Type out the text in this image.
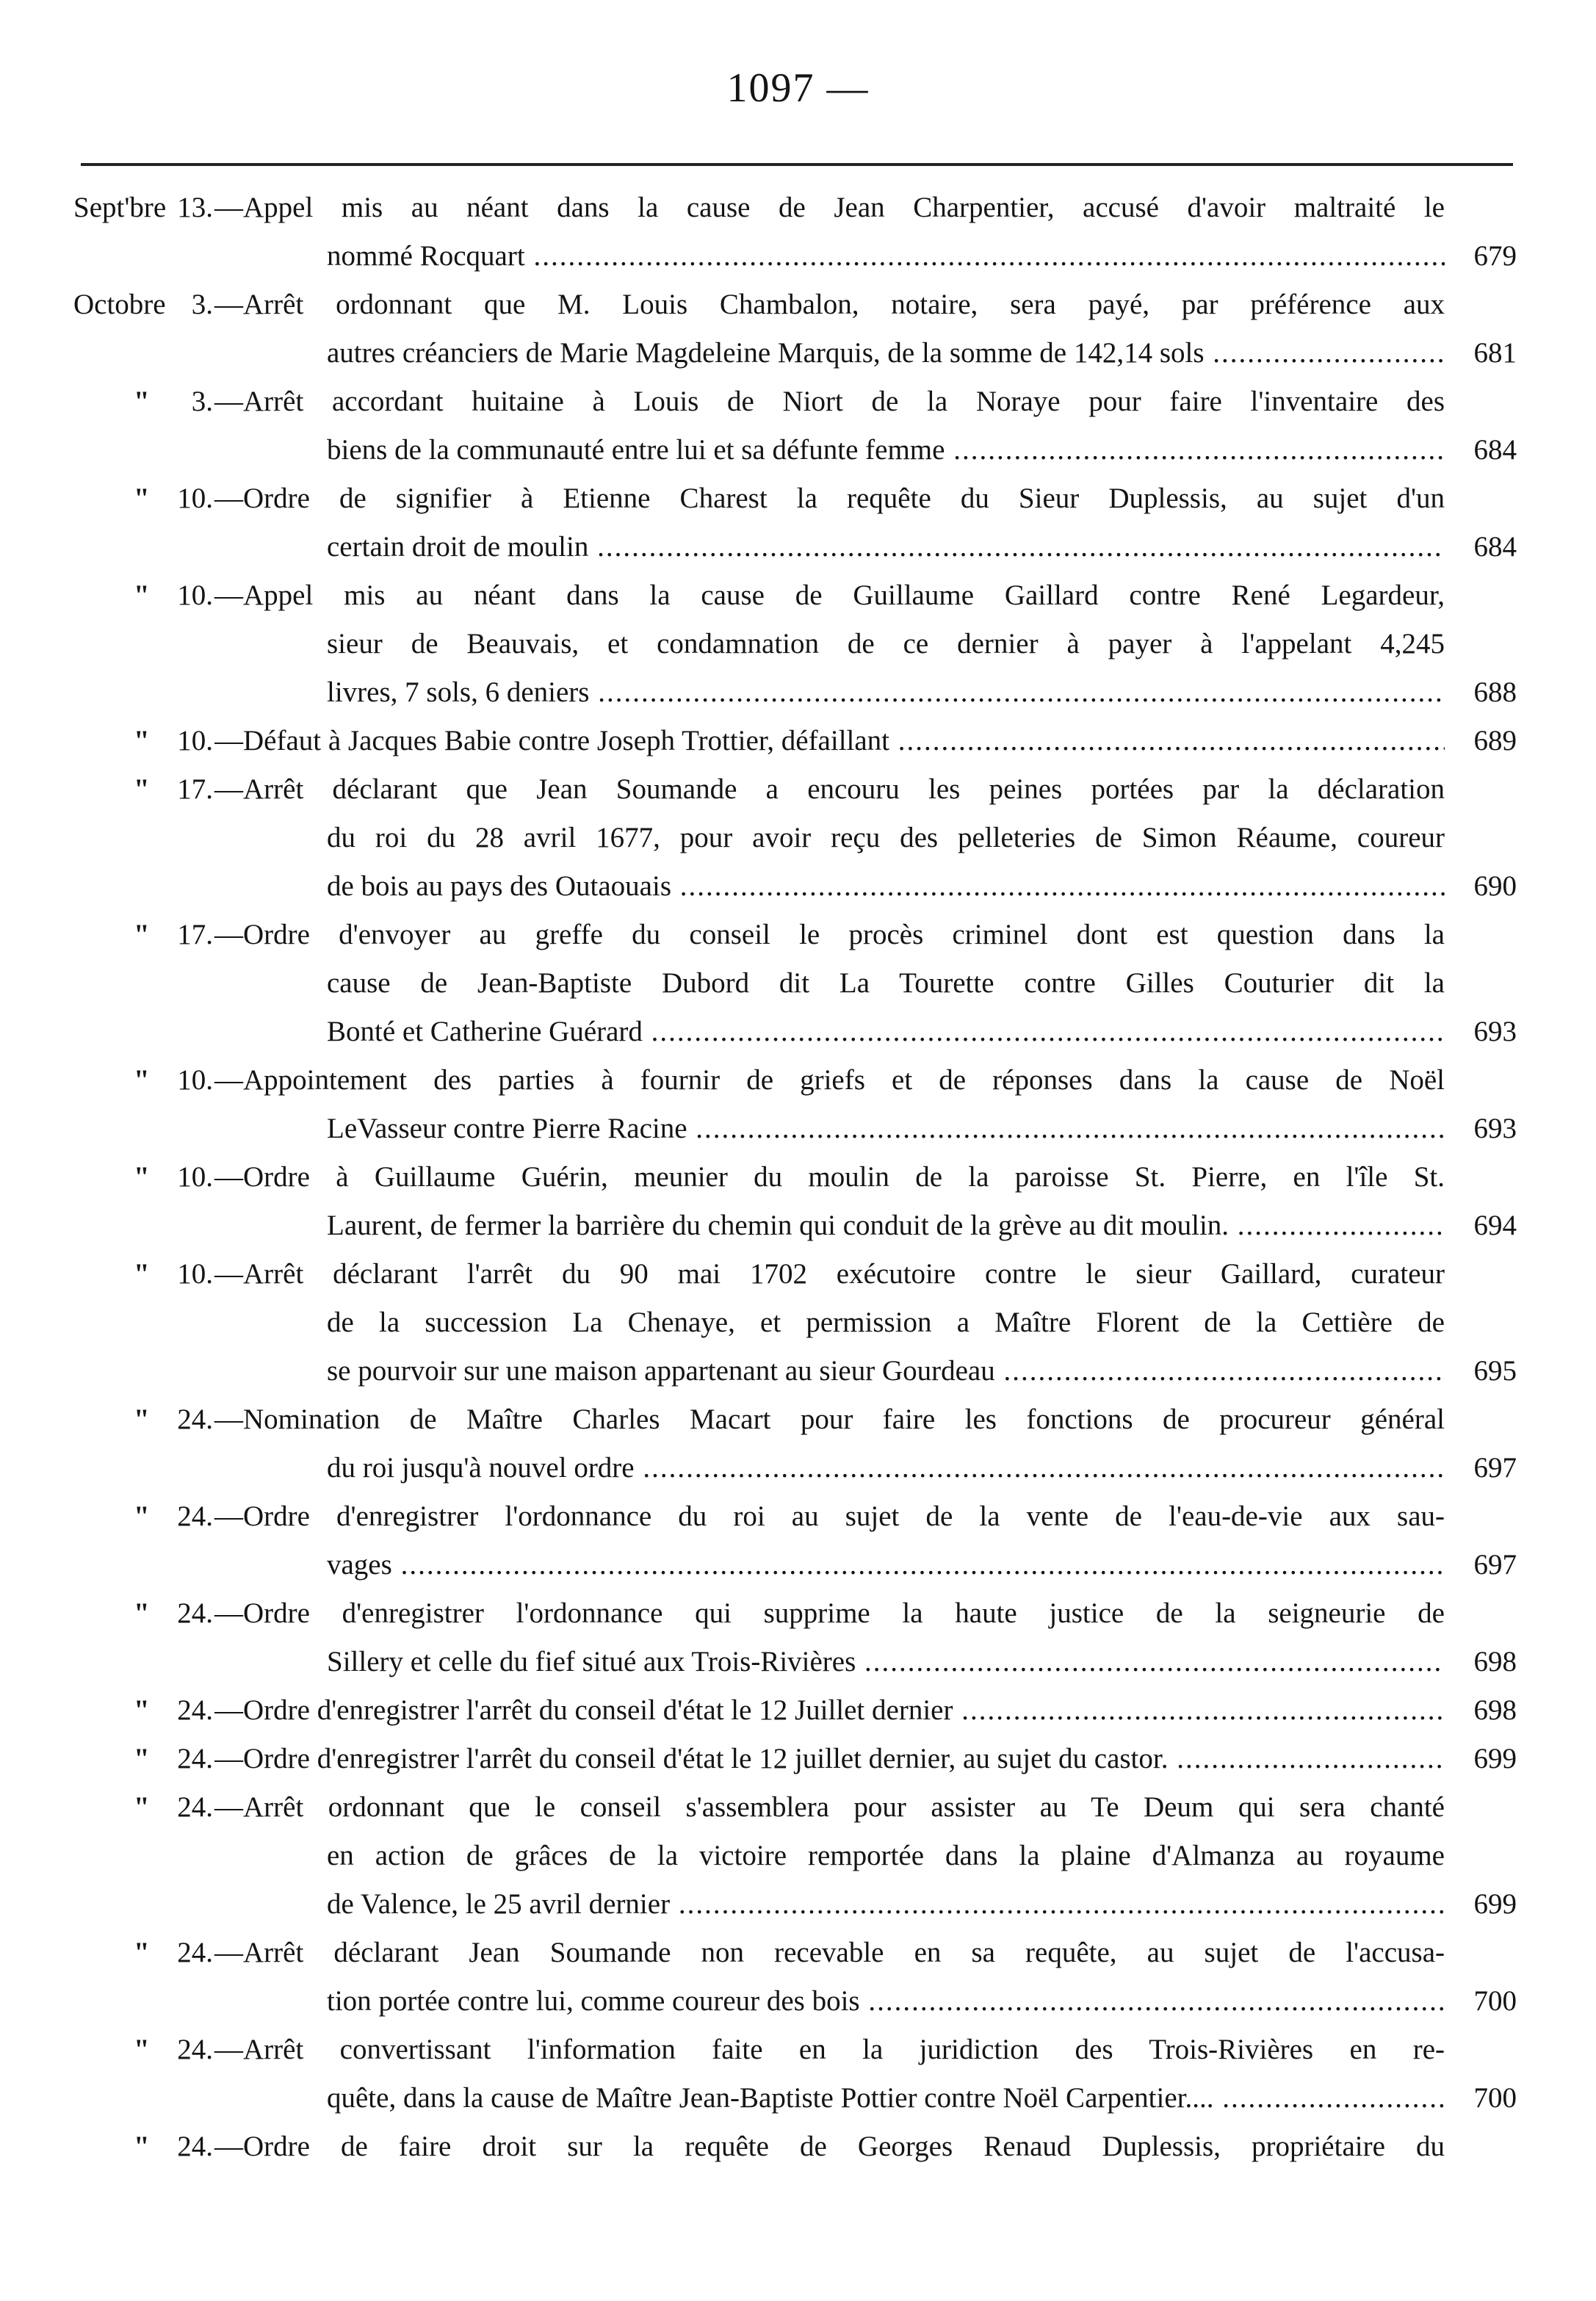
1097 —
Sept'bre 13. —Appel mis au néant dans la cause de Jean Charpentier, accusé d'avoir maltraité le
nommé Rocquart .....	679
Octobre 3. —Arrêt ordonnant que M. Louis Chambalon, notaire, sera payé, par préférence aux
autres créanciers de Marie Magdeleine Marquis, de la somme de 142,14 sols .....	681
"	3. —Arrêt accordant huitaine à Louis de Niort de la Noraye pour faire l'inventaire des
biens de la communauté entre lui et sa défunte femme .....	684
" 10. —Ordre de signifier à Etienne Charest la requête du Sieur Duplessis, au sujet d'un
certain droit de moulin .....	684
" 10. —Appel mis au néant dans la cause de Guillaume Gaillard contre René Legardeur,
sieur de Beauvais, et condamnation de ce dernier à payer à l'appelant 4,245
livres, 7 sols, 6 deniers .....	688
" 10. —Défaut à Jacques Babie contre Joseph Trottier, défaillant .....	689
" 17. —Arrêt déclarant que Jean Soumande a encouru les peines portées par la déclaration
du roi du 28 avril 1677, pour avoir reçu des pelleteries de Simon Réaume, coureur
de bois au pays des Outaouais .....	690
" 17. —Ordre d'envoyer au greffe du conseil le procès criminel dont est question dans la
cause de Jean-Baptiste Dubord dit La Tourette contre Gilles Couturier dit la
Bonté et Catherine Guérard .....	693
" 10. —Appointement des parties à fournir de griefs et de réponses dans la cause de Noël
LeVasseur contre Pierre Racine .....	693
" 10. —Ordre à Guillaume Guérin, meunier du moulin de la paroisse St. Pierre, en l'île St.
Laurent, de fermer la barrière du chemin qui conduit de la grève au dit moulin. .....	694
" 10. —Arrêt déclarant l'arrêt du 90 mai 1702 exécutoire contre le sieur Gaillard, curateur
de la succession La Chenaye, et permission a Maître Florent de la Cettière de
se pourvoir sur une maison appartenant au sieur Gourdeau .....	695
" 24. —Nomination de Maître Charles Macart pour faire les fonctions de procureur général
du roi jusqu'à nouvel ordre .....	697
" 24. —Ordre d'enregistrer l'ordonnance du roi au sujet de la vente de l'eau-de-vie aux sau-
vages .....	697
" 24. —Ordre d'enregistrer l'ordonnance qui supprime la haute justice de la seigneurie de
Sillery et celle du fief situé aux Trois-Rivières .....	698
" 24. —Ordre d'enregistrer l'arrêt du conseil d'état le 12 Juillet dernier .....	698
" 24. —Ordre d'enregistrer l'arrêt du conseil d'état le 12 juillet dernier, au sujet du castor. .....	699
" 24. —Arrêt ordonnant que le conseil s'assemblera pour assister au Te Deum qui sera chanté
en action de grâces de la victoire remportée dans la plaine d'Almanza au royaume
de Valence, le 25 avril dernier .....	699
" 24. —Arrêt déclarant Jean Soumande non recevable en sa requête, au sujet de l'accusa-
tion portée contre lui, comme coureur des bois .....	700
" 24. —Arrêt convertissant l'information faite en la juridiction des Trois-Rivières en re-
quête, dans la cause de Maître Jean-Baptiste Pottier contre Noël Carpentier.... .....	700
" 24. —Ordre de faire droit sur la requête de Georges Renaud Duplessis, propriétaire du
